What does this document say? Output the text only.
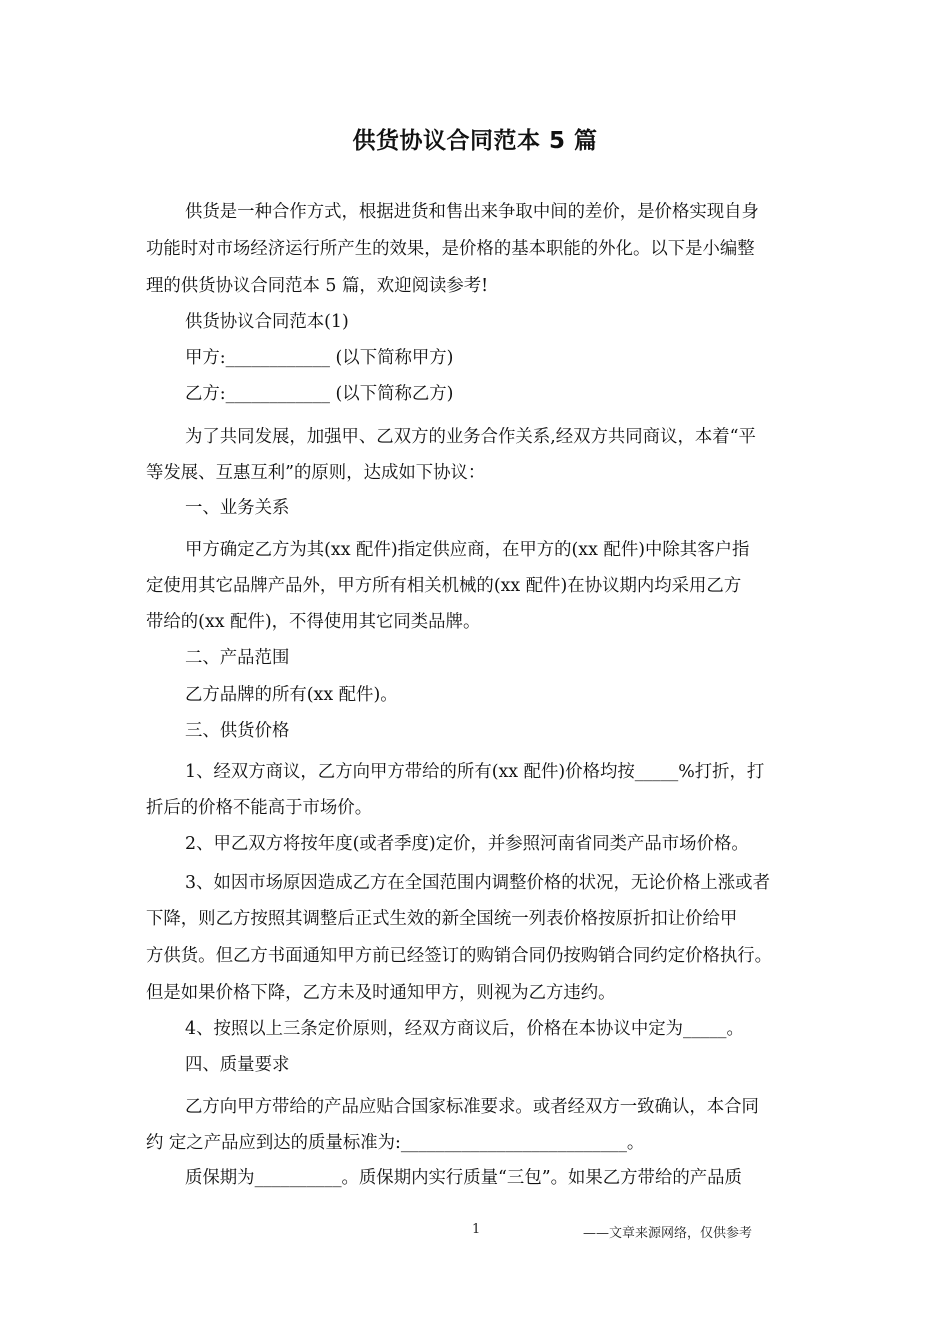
供货协议合同范本 5 篇
供货是一种合作方式，根据进货和售出来争取中间的差价，是价格实现自身
功能时对市场经济运行所产生的效果，是价格的基本职能的外化。以下是小编整
理的供货协议合同范本 5 篇，欢迎阅读参考!
供货协议合同范本(1)
甲方:____________ (以下简称甲方)
乙方:____________ (以下简称乙方)
为了共同发展，加强甲、乙双方的业务合作关系,经双方共同商议，本着“平
等发展、互惠互利”的原则，达成如下协议：
一、业务关系
甲方确定乙方为其(xx 配件)指定供应商，在甲方的(xx 配件)中除其客户指
定使用其它品牌产品外，甲方所有相关机械的(xx 配件)在协议期内均采用乙方
带给的(xx 配件)，不得使用其它同类品牌。
二、产品范围
乙方品牌的所有(xx 配件)。
三、供货价格
1、经双方商议，乙方向甲方带给的所有(xx 配件)价格均按_____%打折，打
折后的价格不能高于市场价。
2、甲乙双方将按年度(或者季度)定价，并参照河南省同类产品市场价格。
3、如因市场原因造成乙方在全国范围内调整价格的状况，无论价格上涨或者
下降，则乙方按照其调整后正式生效的新全国统一列表价格按原折扣让价给甲
方供货。但乙方书面通知甲方前已经签订的购销合同仍按购销合同约定价格执行。
但是如果价格下降，乙方未及时通知甲方，则视为乙方违约。
4、按照以上三条定价原则，经双方商议后，价格在本协议中定为_____。
四、质量要求
乙方向甲方带给的产品应贴合国家标准要求。或者经双方一致确认，本合同
约 定之产品应到达的质量标准为:__________________________。
质保期为__________。质保期内实行质量“三包”。如果乙方带给的产品质
1	——文章来源网络，仅供参考
